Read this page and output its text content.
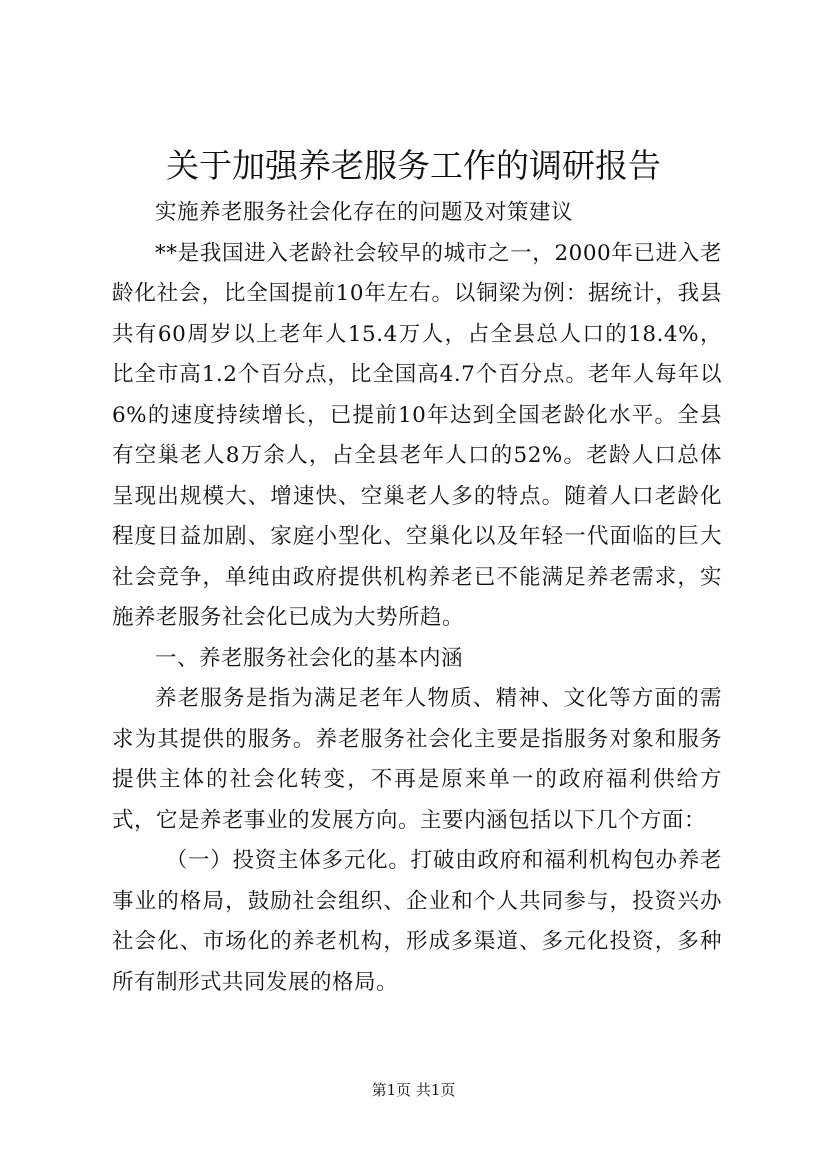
关于加强养老服务工作的调研报告

实施养老服务社会化存在的问题及对策建议

**是我国进入老龄社会较早的城市之一，2000年已进入老龄化社会，比全国提前10年左右。以铜梁为例：据统计，我县共有60周岁以上老年人15.4万人，占全县总人口的18.4%，比全市高1.2个百分点，比全国高4.7个百分点。老年人每年以6%的速度持续增长，已提前10年达到全国老龄化水平。全县有空巢老人8万余人，占全县老年人口的52%。老龄人口总体呈现出规模大、增速快、空巢老人多的特点。随着人口老龄化程度日益加剧、家庭小型化、空巢化以及年轻一代面临的巨大社会竞争，单纯由政府提供机构养老已不能满足养老需求，实施养老服务社会化已成为大势所趋。

一、养老服务社会化的基本内涵

养老服务是指为满足老年人物质、精神、文化等方面的需求为其提供的服务。养老服务社会化主要是指服务对象和服务提供主体的社会化转变，不再是原来单一的政府福利供给方式，它是养老事业的发展方向。主要内涵包括以下几个方面：

（一）投资主体多元化。打破由政府和福利机构包办养老事业的格局，鼓励社会组织、企业和个人共同参与，投资兴办社会化、市场化的养老机构，形成多渠道、多元化投资，多种所有制形式共同发展的格局。

第1页 共1页
